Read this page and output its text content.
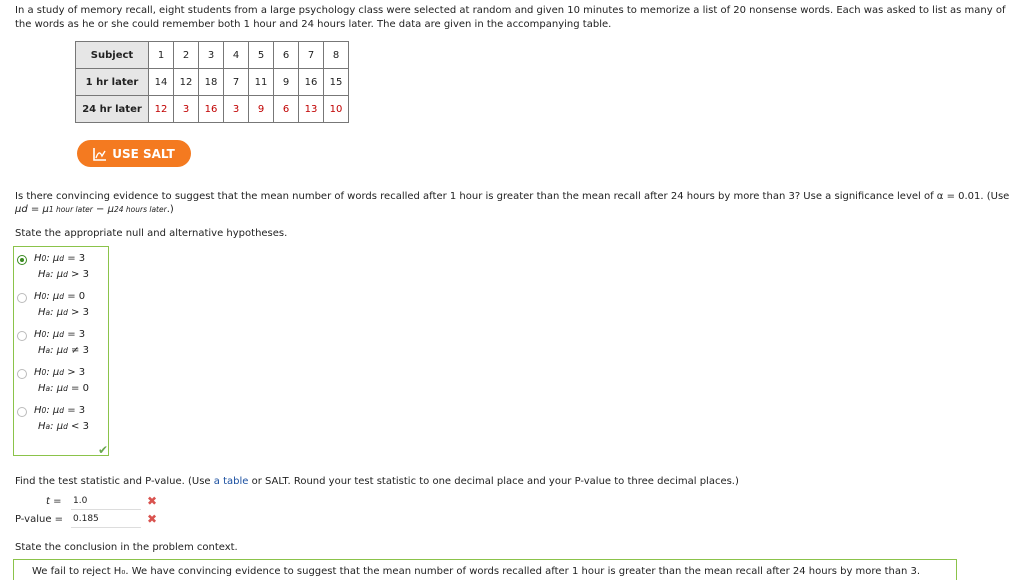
In a study of memory recall, eight students from a large psychology class were selected at random and given 10 minutes to memorize a list of 20 nonsense words. Each was asked to list as many of the words as he or she could remember both 1 hour and 24 hours later. The data are given in the accompanying table.
Subject	1	2	3	4	5	6	7	8
1 hr later	14	12	18	7	11	9	16	15
24 hr later	12	3	16	3	9	6	13	10
USE SALT
Is there convincing evidence to suggest that the mean number of words recalled after 1 hour is greater than the mean recall after 24 hours by more than 3? Use a significance level of α = 0.01. (Use
μd = μ1 hour later − μ24 hours later.)
State the appropriate null and alternative hypotheses.
H0: μd = 3
Ha: μd > 3
H0: μd = 0
Ha: μd > 3
H0: μd = 3
Ha: μd ≠ 3
H0: μd > 3
Ha: μd = 0
H0: μd = 3
Ha: μd < 3
✔
Find the test statistic and P-value. (Use a table or SALT. Round your test statistic to one decimal place and your P-value to three decimal places.)
t = 1.0	✖
P-value = 0.185	✖
State the conclusion in the problem context.
We fail to reject H₀. We have convincing evidence to suggest that the mean number of words recalled after 1 hour is greater than the mean recall after 24 hours by more than 3.
